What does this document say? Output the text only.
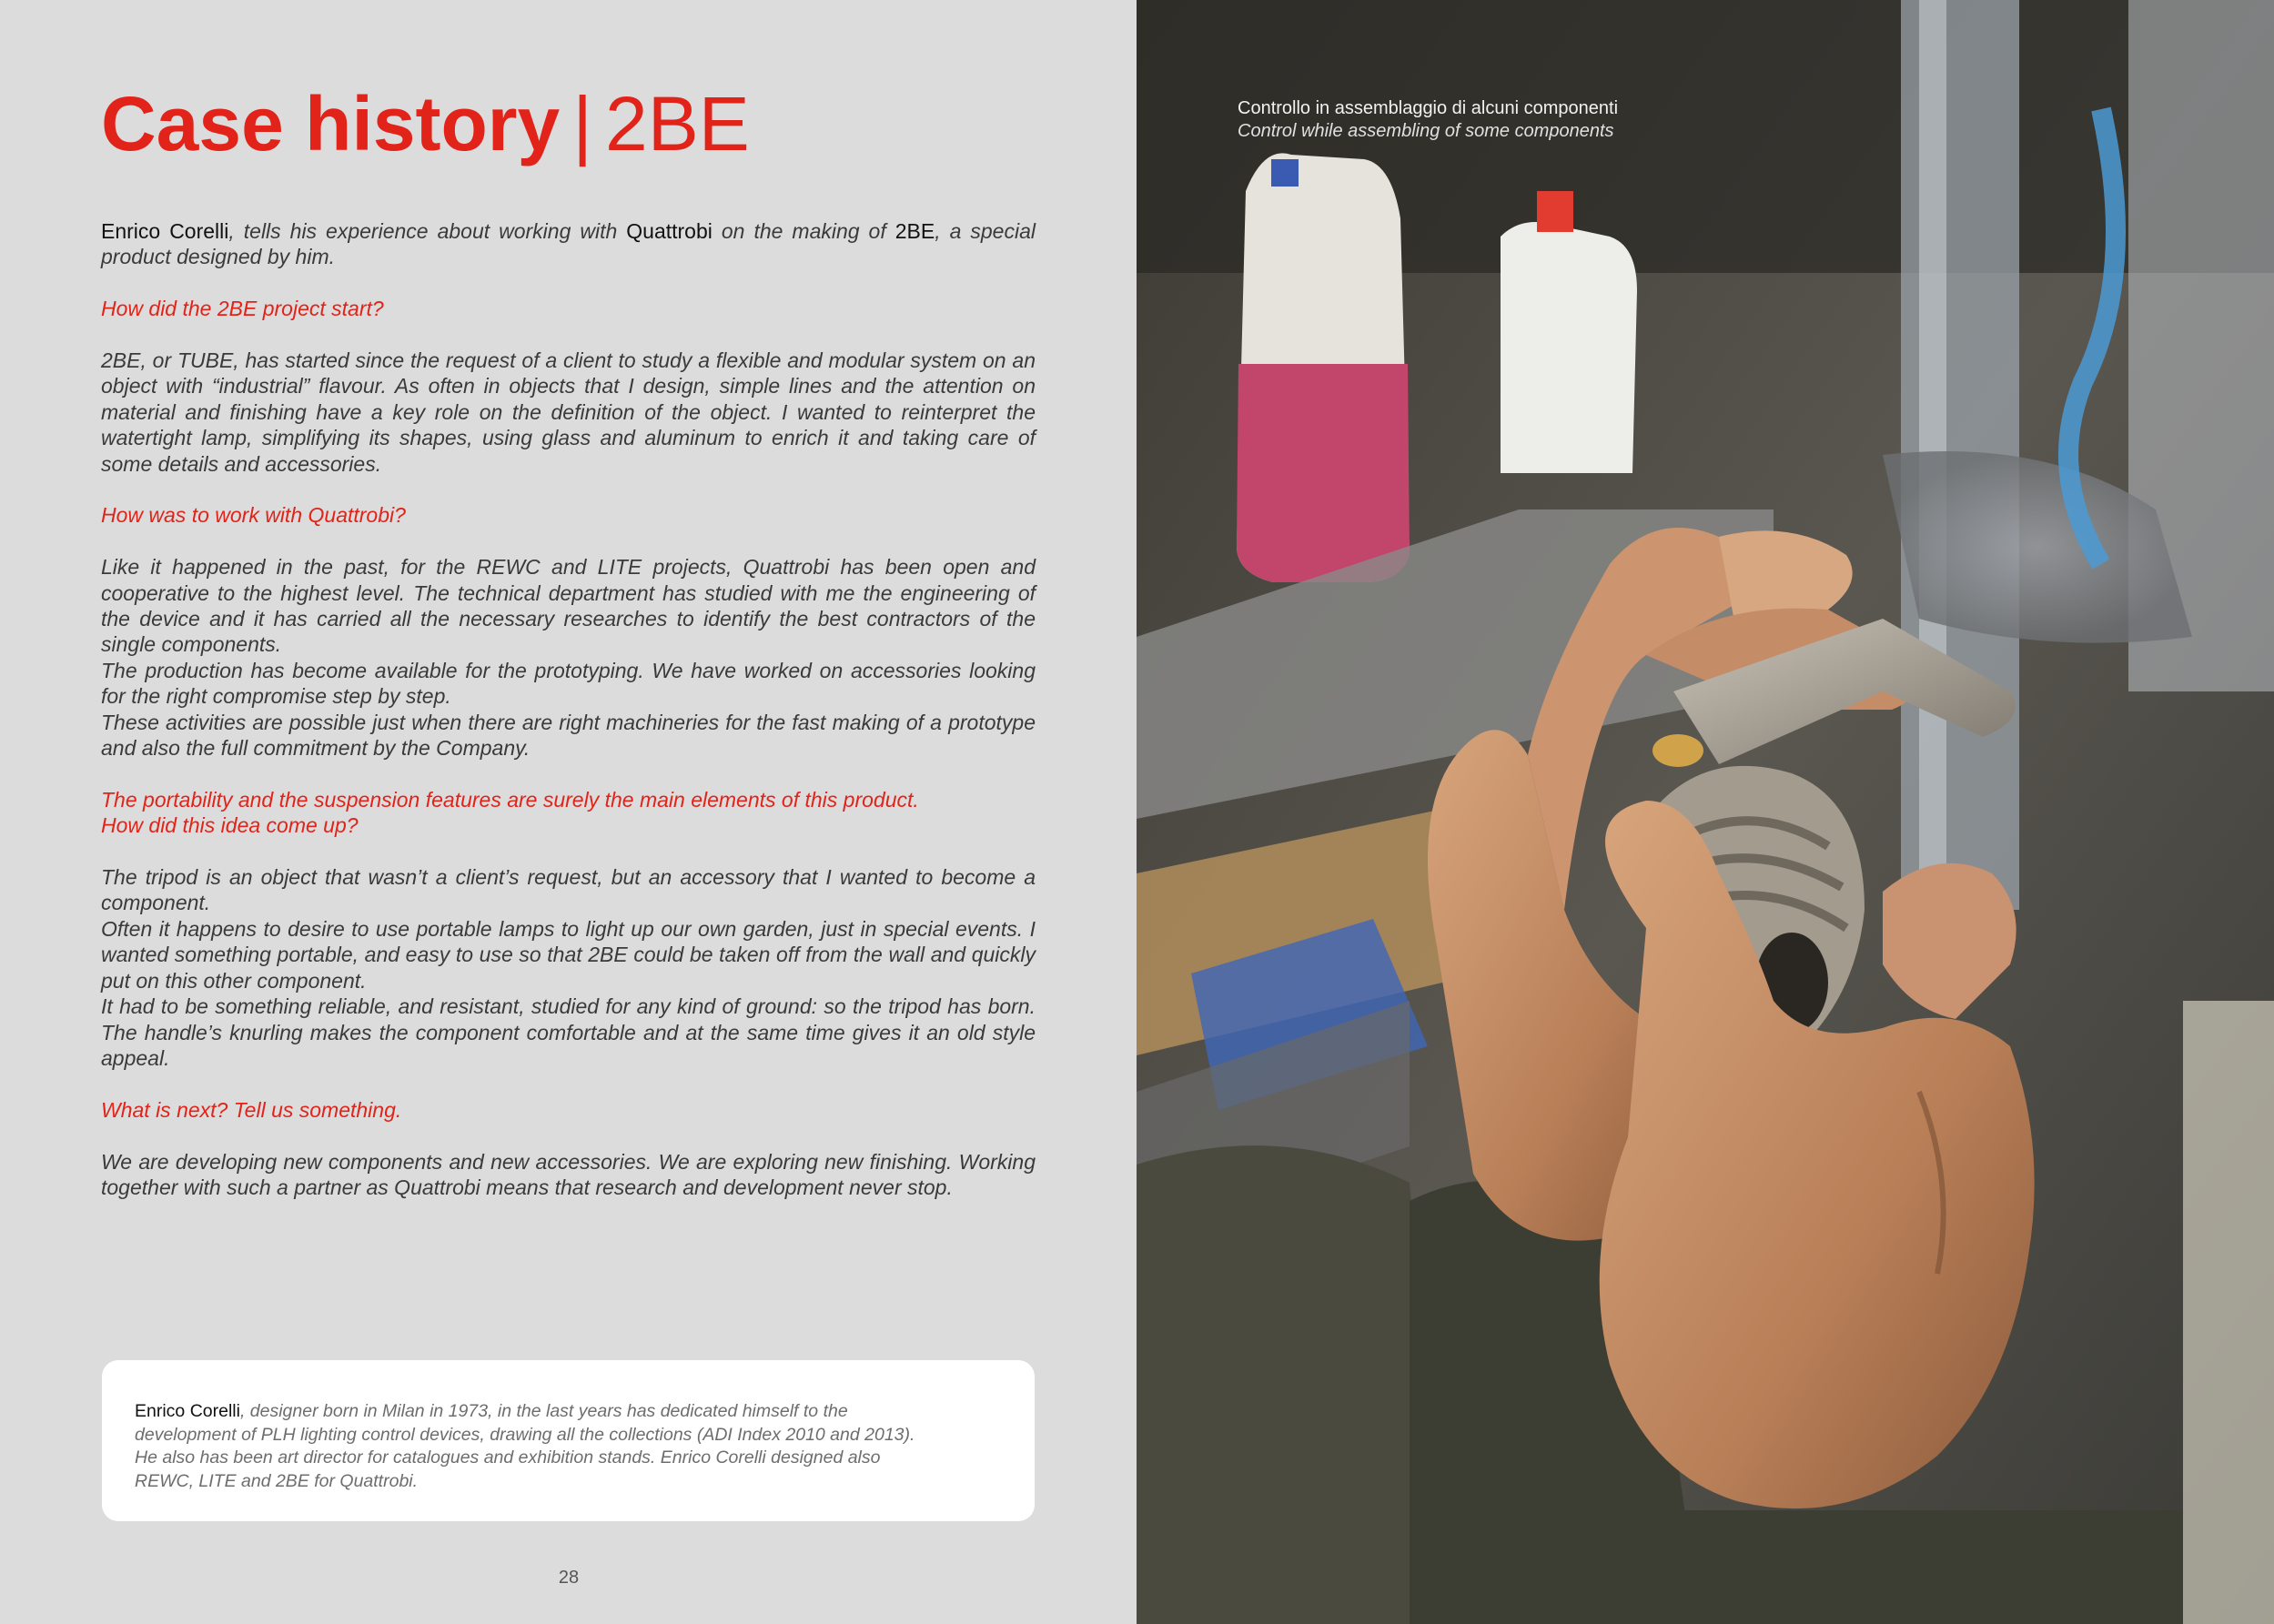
Case history | 2BE

Enrico Corelli, tells his experience about working with Quattrobi on the making of 2BE, a special product designed by him.

How did the 2BE project start?

2BE, or TUBE, has started since the request of a client to study a flexible and modular system on an object with “industrial” flavour. As often in objects that I design, simple lines and the attention on material and finishing have a key role on the definition of the object. I wanted to reinterpret the watertight lamp, simplifying its shapes, using glass and aluminum to enrich it and taking care of some details and accessories.

How was to work with Quattrobi?

Like it happened in the past, for the REWC and LITE projects, Quattrobi has been open and cooperative to the highest level. The technical department has studied with me the engineering of the device and it has carried all the necessary researches to identify the best contractors of the single components.

The production has become available for the prototyping. We have worked on accessories looking for the right compromise step by step.

These activities are possible just when there are right machineries for the fast making of a prototype and also the full commitment by the Company.

The portability and the suspension features are surely the main elements of this product.

How did this idea come up?

The tripod is an object that wasn’t a client’s request, but an accessory that I wanted to become a component.

Often it happens to desire to use portable lamps to light up our own garden, just in special events. I wanted something portable, and easy to use so that 2BE could be taken off from the wall and quickly put on this other component.

It had to be something reliable, and resistant, studied for any kind of ground: so the tripod has born. The handle’s knurling makes the component comfortable and at the same time gives it an old style appeal.

What is next? Tell us something.

We are developing new components and new accessories. We are exploring new finishing. Working together with such a partner as Quattrobi means that research and development never stop.

Enrico Corelli, designer born in Milan in 1973, in the last years has dedicated himself to the
development of PLH lighting control devices, drawing all the collections (ADI Index 2010 and 2013).
He also has been art director for catalogues and exhibition stands. Enrico Corelli designed also
REWC, LITE and 2BE for Quattrobi.

28

Controllo in assemblaggio di alcuni componenti

Control while assembling of some components
